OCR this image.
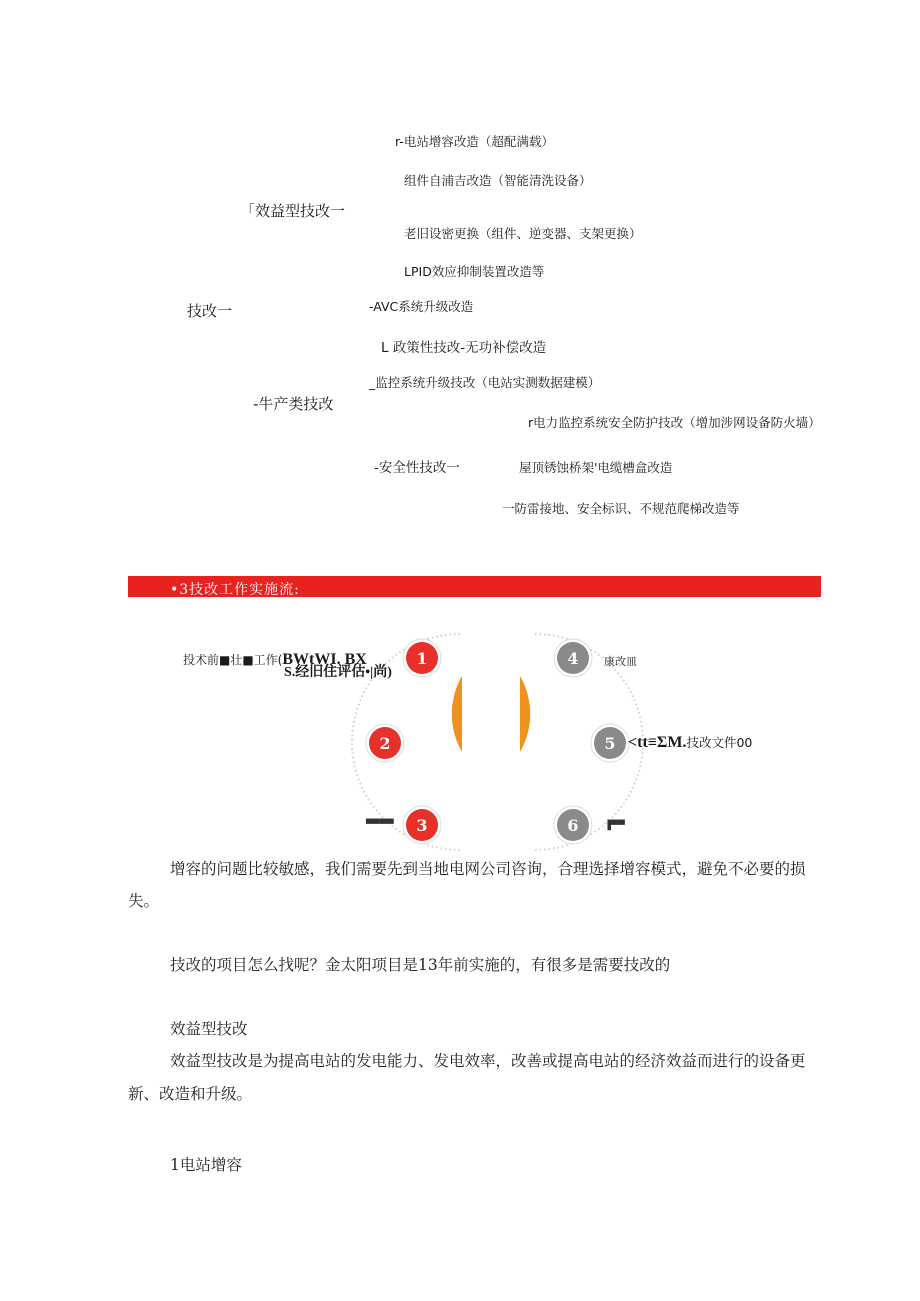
r-电站增容改造（超配满载）
组件自浦吉改造（智能清洗设备）
「效益型技改一
老旧设密更换（组件、逆变器、支架更换）
LPID效应抑制装置改造等
技改一	-AVC系统升级改造
L 政策性技改-无功补偿改造
_监控系统升级技改（电站实测数据建模）
-牛产类技改
r电力监控系统安全防护技改（增加涉网设备防火墙）
-安全性技改一	屋顶锈蚀桥架'电缆槽盒改造
一防雷接地、安全标识、不规范爬梯改造等
•3技改工作实施流:
1
2
3
4
5
6
投术前■壮■工作(BWtWI. BX
S.经旧住评估•|尚)
▀▀▀▀
康改皿
<tt≡ΣM.技改文件00
▐▀▀
增容的问题比较敏感，我们需要先到当地电网公司咨询，合理选择增容模式，避免不必要的损
失。
技改的项目怎么找呢？金太阳项目是13年前实施的，有很多是需要技改的
效益型技改
效益型技改是为提高电站的发电能力、发电效率，改善或提高电站的经济效益而进行的设备更
新、改造和升级。
1电站增容
